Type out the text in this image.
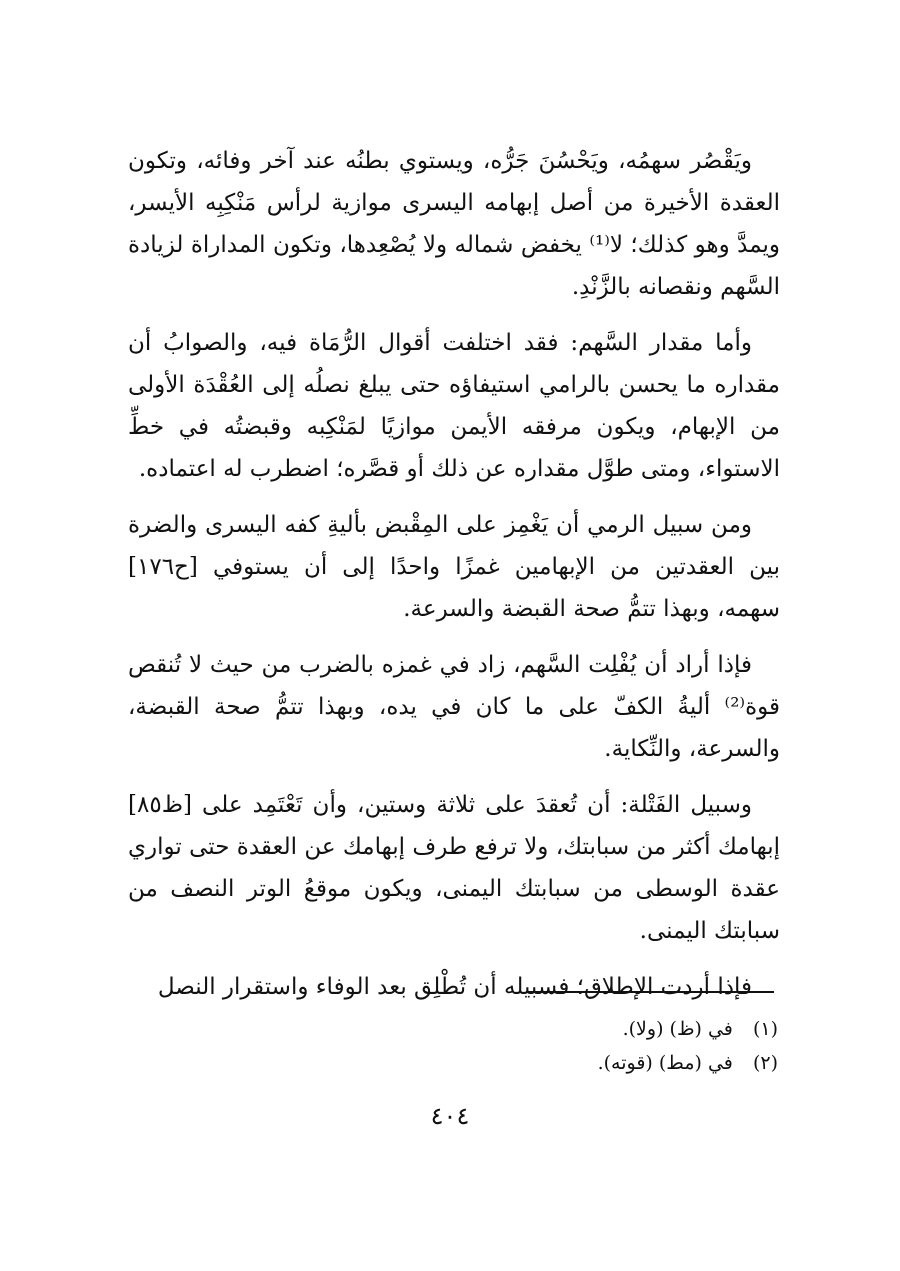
ويَقْصُر سهمُه، ويَحْسُنَ جَرُّه، ويستوي بطنُه عند آخر وفائه، وتكون العقدة الأخيرة من أصل إبهامه اليسرى موازية لرأس مَنْكِبِه الأيسر، ويمدَّ وهو كذلك؛ لا⁽¹⁾ يخفض شماله ولا يُصْعِدها، وتكون المداراة لزيادة السَّهم ونقصانه بالزَّنْدِ.

وأما مقدار السَّهم: فقد اختلفت أقوال الرُّمَاة فيه، والصوابُ أن مقداره ما يحسن بالرامي استيفاؤه حتى يبلغ نصلُه إلى العُقْدَة الأولى من الإبهام، ويكون مرفقه الأيمن موازيًا لمَنْكِبه وقبضتُه في خطِّ الاستواء، ومتى طوَّل مقداره عن ذلك أو قصَّره؛ اضطرب له اعتماده.

ومن سبيل الرمي أن يَغْمِز على المِقْبض بأليةِ كفه اليسرى والضرة بين العقدتين من الإبهامين غمزًا واحدًا إلى أن يستوفي [ح١٧٦] سهمه، وبهذا تتمُّ صحة القبضة والسرعة.

فإذا أراد أن يُفْلِت السَّهم، زاد في غمزه بالضرب من حيث لا تُنقص قوة⁽²⁾ أليةُ الكفّ على ما كان في يده، وبهذا تتمُّ صحة القبضة، والسرعة، والنِّكاية.

وسبيل الفَتْلة: أن تُعقدَ على ثلاثة وستين، وأن تَعْتَمِد على [ظ٨٥] إبهامك أكثر من سبابتك، ولا ترفع طرف إبهامك عن العقدة حتى تواري عقدة الوسطى من سبابتك اليمنى، ويكون موقعُ الوتر النصف من سبابتك اليمنى.

فإذا أردت الإطلاق؛ فسبيله أن تُطْلِق بعد الوفاء واستقرار النصل

(١) في (ظ) (ولا).

(٢) في (مط) (قوته).

٤٠٤
